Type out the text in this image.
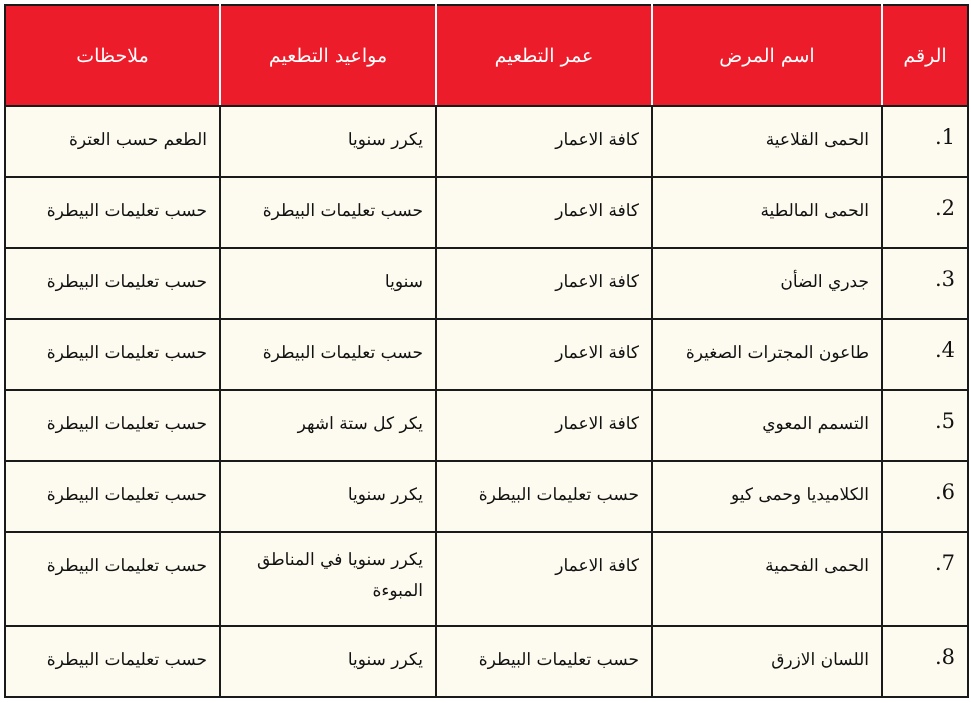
الرقم	اسم المرض	عمر التطعيم	مواعيد التطعيم	ملاحظات
1.	الحمى القلاعية	كافة الاعمار	يكرر سنويا	الطعم حسب العترة
2.	الحمى المالطية	كافة الاعمار	حسب تعليمات البيطرة	حسب تعليمات البيطرة
3.	جدري الضأن	كافة الاعمار	سنويا	حسب تعليمات البيطرة
4.	طاعون المجترات الصغيرة	كافة الاعمار	حسب تعليمات البيطرة	حسب تعليمات البيطرة
5.	التسمم المعوي	كافة الاعمار	يكر كل ستة اشهر	حسب تعليمات البيطرة
6.	الكلاميديا وحمى كيو	حسب تعليمات البيطرة	يكرر سنويا	حسب تعليمات البيطرة
7.	الحمى الفحمية	كافة الاعمار	يكرر سنويا في المناطق المبوءة	حسب تعليمات البيطرة
8.	اللسان الازرق	حسب تعليمات البيطرة	يكرر سنويا	حسب تعليمات البيطرة
